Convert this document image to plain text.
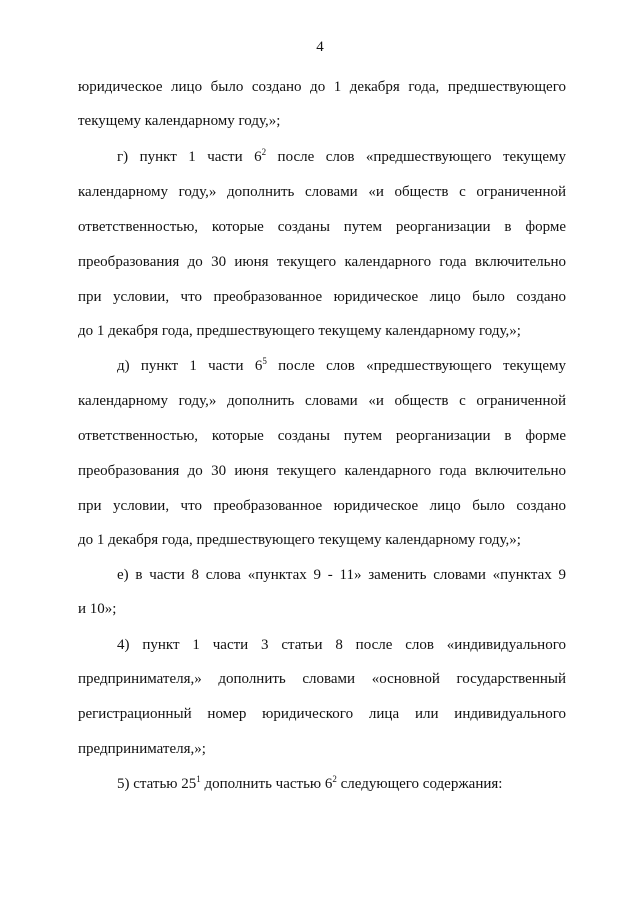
4
юридическое лицо было создано до 1 декабря года, предшествующего
текущему календарному году,»;
г) пункт 1 части $6^2$ после слов «предшествующего текущему
календарному году,» дополнить словами «и обществ с ограниченной
ответственностью, которые созданы путем реорганизации в форме
преобразования до 30 июня текущего календарного года включительно
при условии, что преобразованное юридическое лицо было создано
до 1 декабря года, предшествующего текущему календарному году,»;
д) пункт 1 части $6^5$ после слов «предшествующего текущему
календарному году,» дополнить словами «и обществ с ограниченной
ответственностью, которые созданы путем реорганизации в форме
преобразования до 30 июня текущего календарного года включительно
при условии, что преобразованное юридическое лицо было создано
до 1 декабря года, предшествующего текущему календарному году,»;
е) в части 8 слова «пунктах 9 - 11» заменить словами «пунктах 9
и 10»;
4) пункт 1 части 3 статьи 8 после слов «индивидуального
предпринимателя,» дополнить словами «основной государственный
регистрационный номер юридического лица или индивидуального
предпринимателя,»;
5) статью $25^1$ дополнить частью $6^2$ следующего содержания:
